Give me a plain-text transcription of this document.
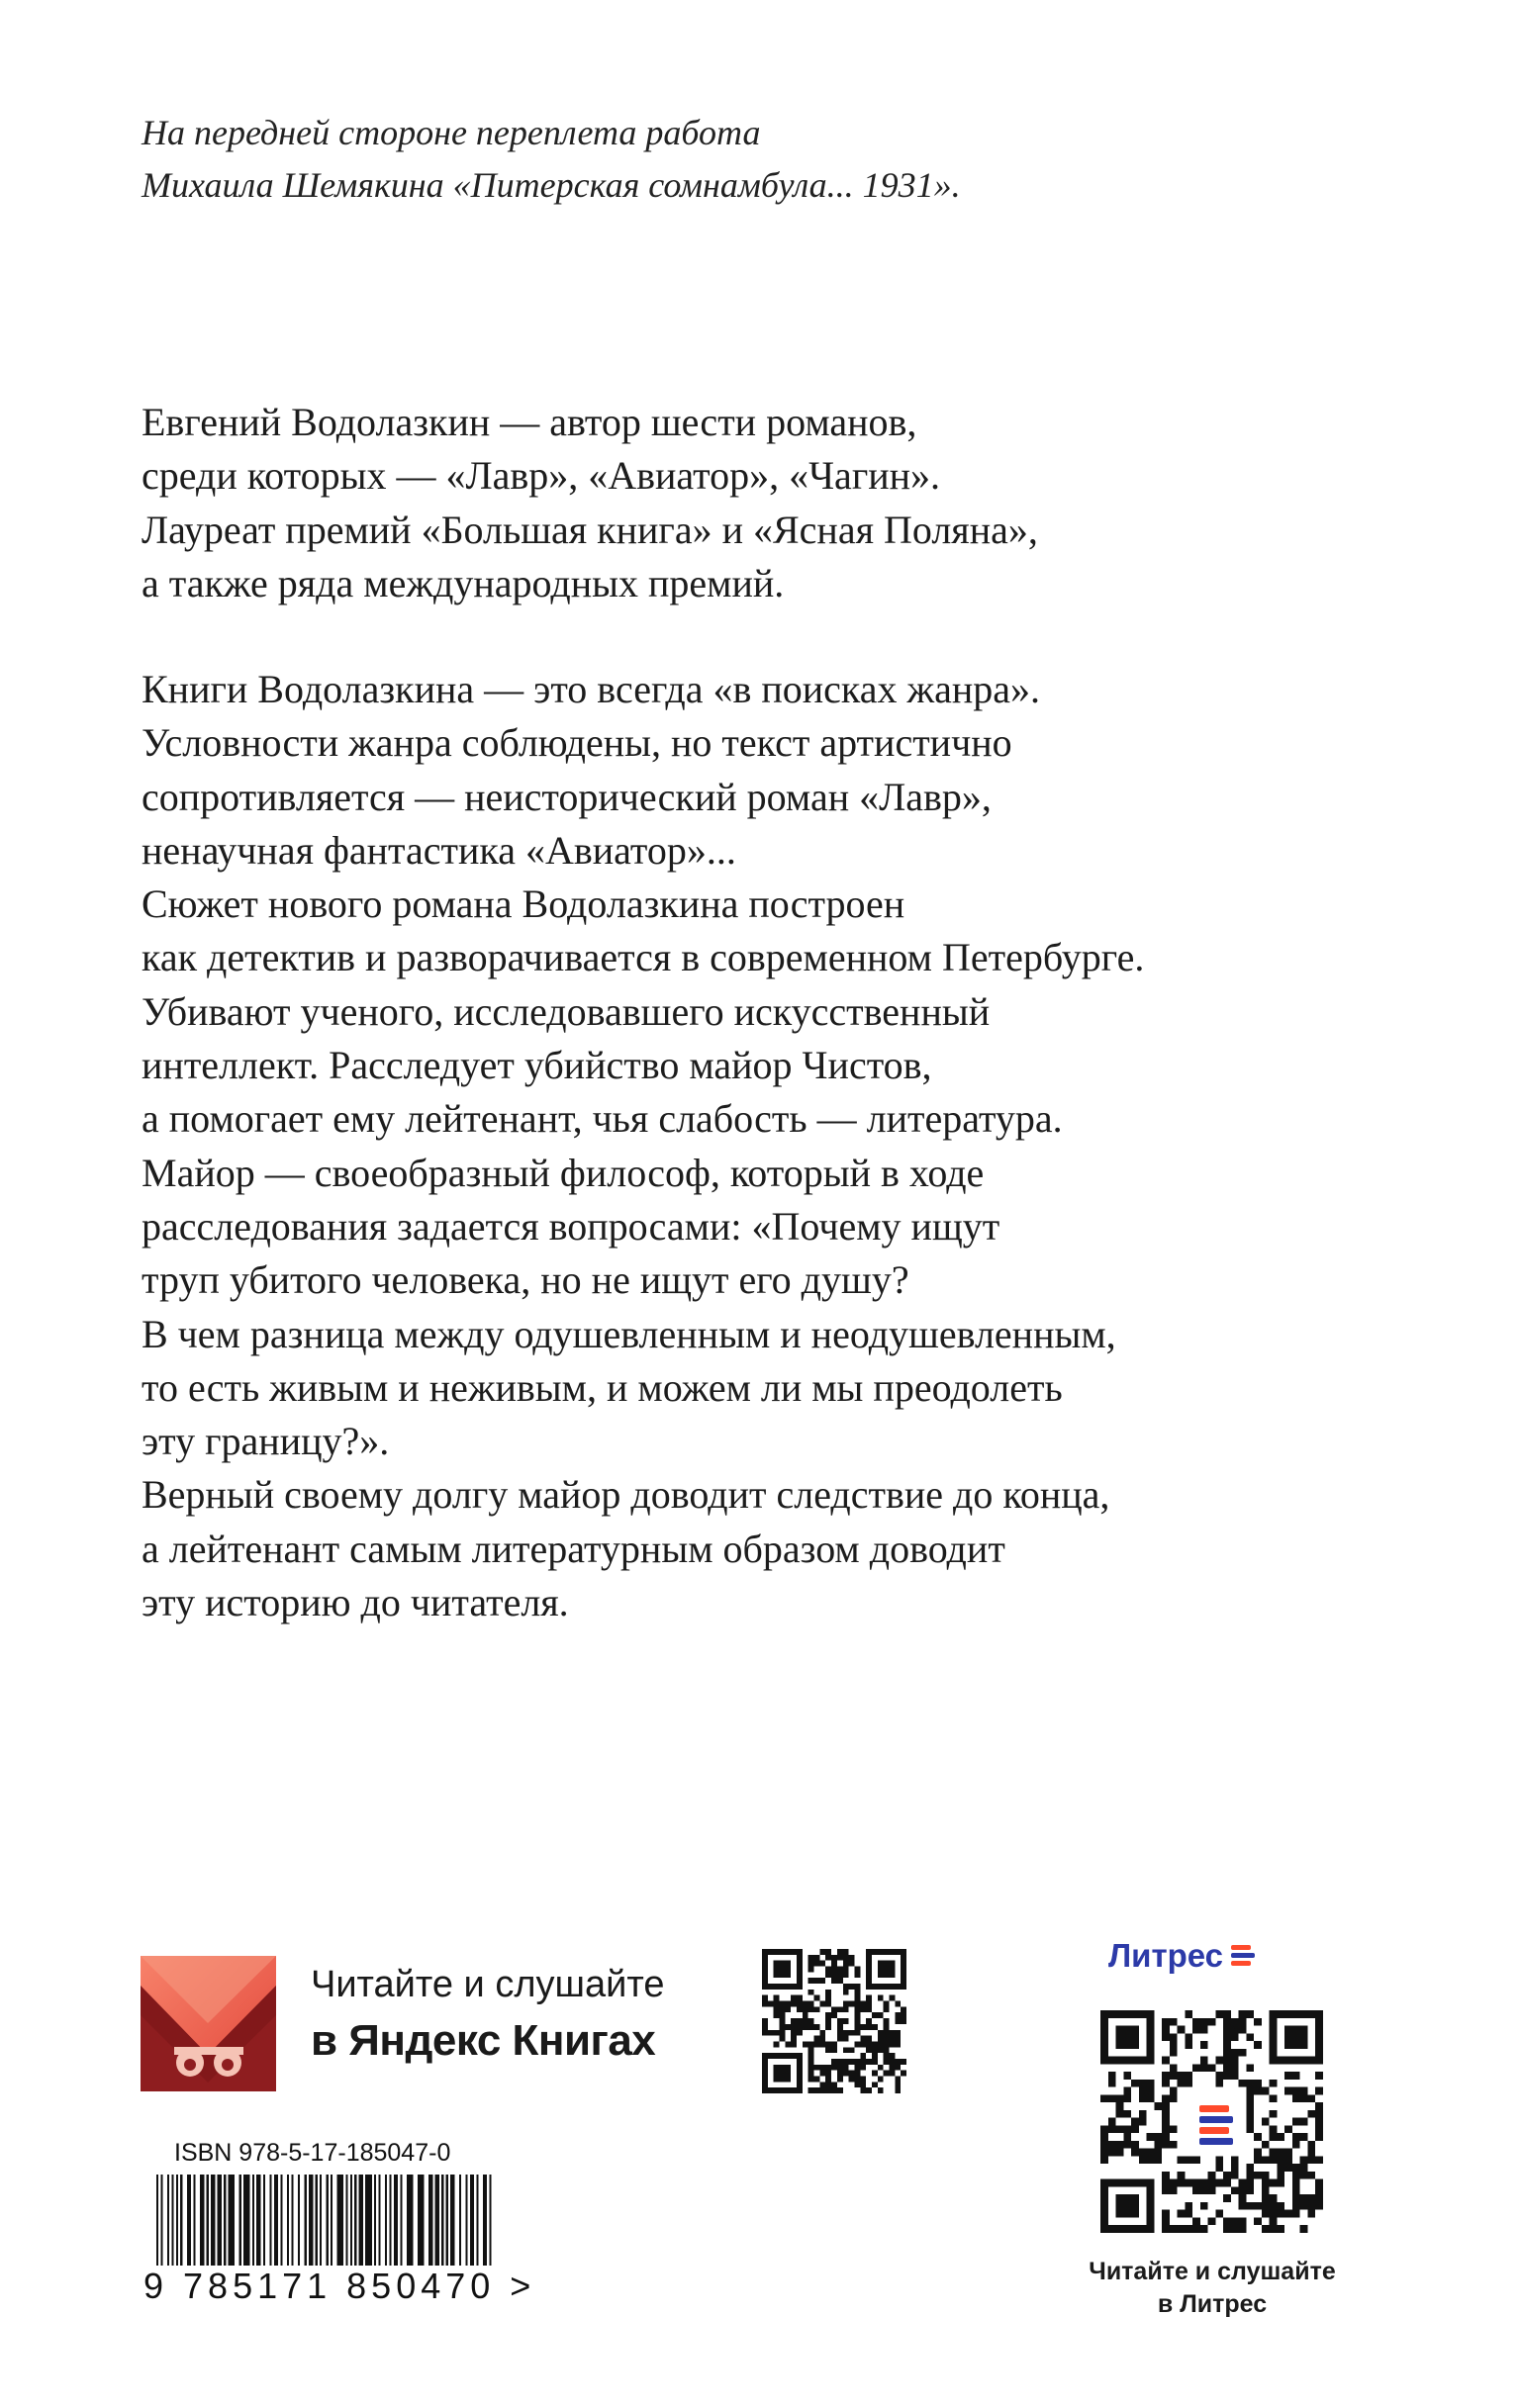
На передней стороне переплета работа
Михаила Шемякина «Питерская сомнамбула... 1931».
Евгений Водолазкин — автор шести романов,
среди которых — «Лавр», «Авиатор», «Чагин».
Лауреат премий «Большая книга» и «Ясная Поляна»,
а также ряда международных премий.
Книги Водолазкина — это всегда «в поисках жанра».
Условности жанра соблюдены, но текст артистично
сопротивляется — неисторический роман «Лавр»,
ненаучная фантастика «Авиатор»...
Сюжет нового романа Водолазкина построен
как детектив и разворачивается в современном Петербурге.
Убивают ученого, исследовавшего искусственный
интеллект. Расследует убийство майор Чистов,
а помогает ему лейтенант, чья слабость — литература.
Майор — своеобразный философ, который в ходе
расследования задается вопросами: «Почему ищут
труп убитого человека, но не ищут его душу?
В чем разница между одушевленным и неодушевленным,
то есть живым и неживым, и можем ли мы преодолеть
эту границу?».
Верный своему долгу майор доводит следствие до конца,
а лейтенант самым литературным образом доводит
эту историю до читателя.
Читайте и слушайте
в Яндекс Книгах
Литрес
Читайте и слушайте
в Литрес
ISBN 978-5-17-185047-0
9 785171 850470 >
